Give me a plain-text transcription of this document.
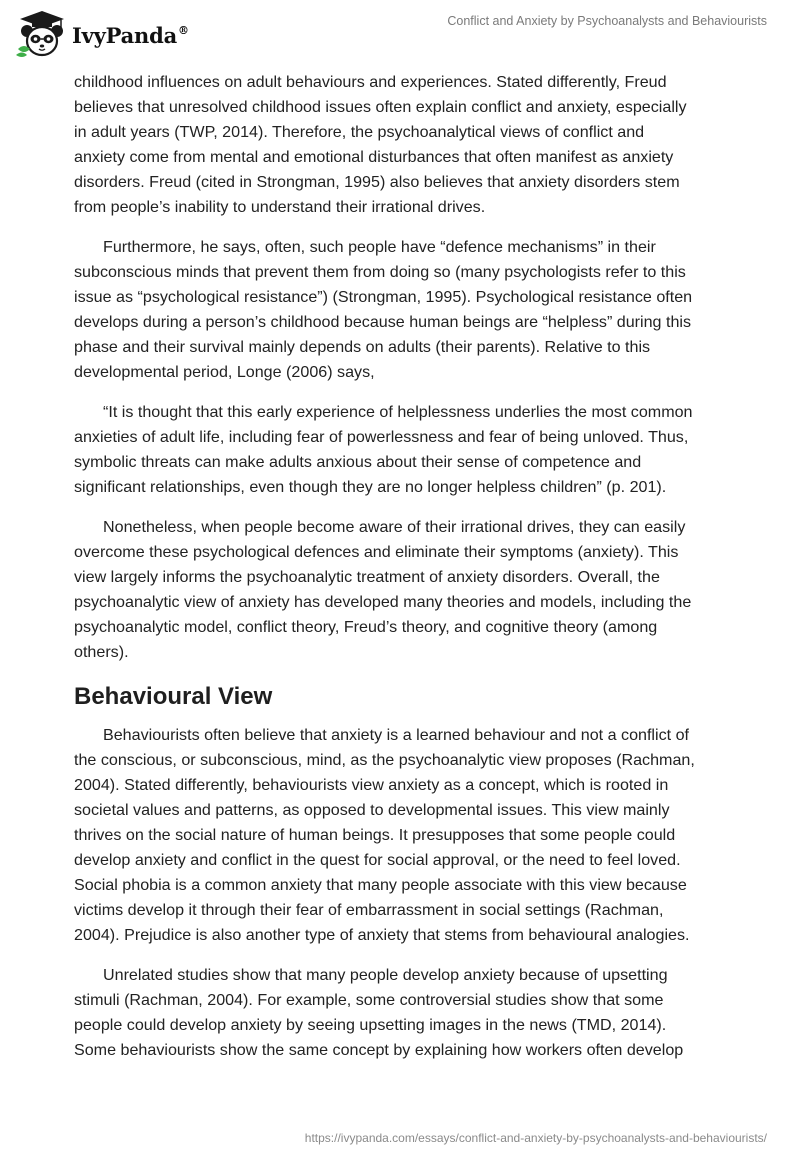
IvyPanda®
Conflict and Anxiety by Psychoanalysts and Behaviourists

childhood influences on adult behaviours and experiences. Stated differently, Freud
believes that unresolved childhood issues often explain conflict and anxiety, especially
in adult years (TWP, 2014). Therefore, the psychoanalytical views of conflict and
anxiety come from mental and emotional disturbances that often manifest as anxiety
disorders. Freud (cited in Strongman, 1995) also believes that anxiety disorders stem
from people’s inability to understand their irrational drives.

Furthermore, he says, often, such people have “defence mechanisms” in their
subconscious minds that prevent them from doing so (many psychologists refer to this
issue as “psychological resistance”) (Strongman, 1995). Psychological resistance often
develops during a person’s childhood because human beings are “helpless” during this
phase and their survival mainly depends on adults (their parents). Relative to this
developmental period, Longe (2006) says,

“It is thought that this early experience of helplessness underlies the most common
anxieties of adult life, including fear of powerlessness and fear of being unloved. Thus,
symbolic threats can make adults anxious about their sense of competence and
significant relationships, even though they are no longer helpless children” (p. 201).

Nonetheless, when people become aware of their irrational drives, they can easily
overcome these psychological defences and eliminate their symptoms (anxiety). This
view largely informs the psychoanalytic treatment of anxiety disorders. Overall, the
psychoanalytic view of anxiety has developed many theories and models, including the
psychoanalytic model, conflict theory, Freud’s theory, and cognitive theory (among
others).

Behavioural View

Behaviourists often believe that anxiety is a learned behaviour and not a conflict of
the conscious, or subconscious, mind, as the psychoanalytic view proposes (Rachman,
2004). Stated differently, behaviourists view anxiety as a concept, which is rooted in
societal values and patterns, as opposed to developmental issues. This view mainly
thrives on the social nature of human beings. It presupposes that some people could
develop anxiety and conflict in the quest for social approval, or the need to feel loved.
Social phobia is a common anxiety that many people associate with this view because
victims develop it through their fear of embarrassment in social settings (Rachman,
2004). Prejudice is also another type of anxiety that stems from behavioural analogies.

Unrelated studies show that many people develop anxiety because of upsetting
stimuli (Rachman, 2004). For example, some controversial studies show that some
people could develop anxiety by seeing upsetting images in the news (TMD, 2014).
Some behaviourists show the same concept by explaining how workers often develop

https://ivypanda.com/essays/conflict-and-anxiety-by-psychoanalysts-and-behaviourists/
